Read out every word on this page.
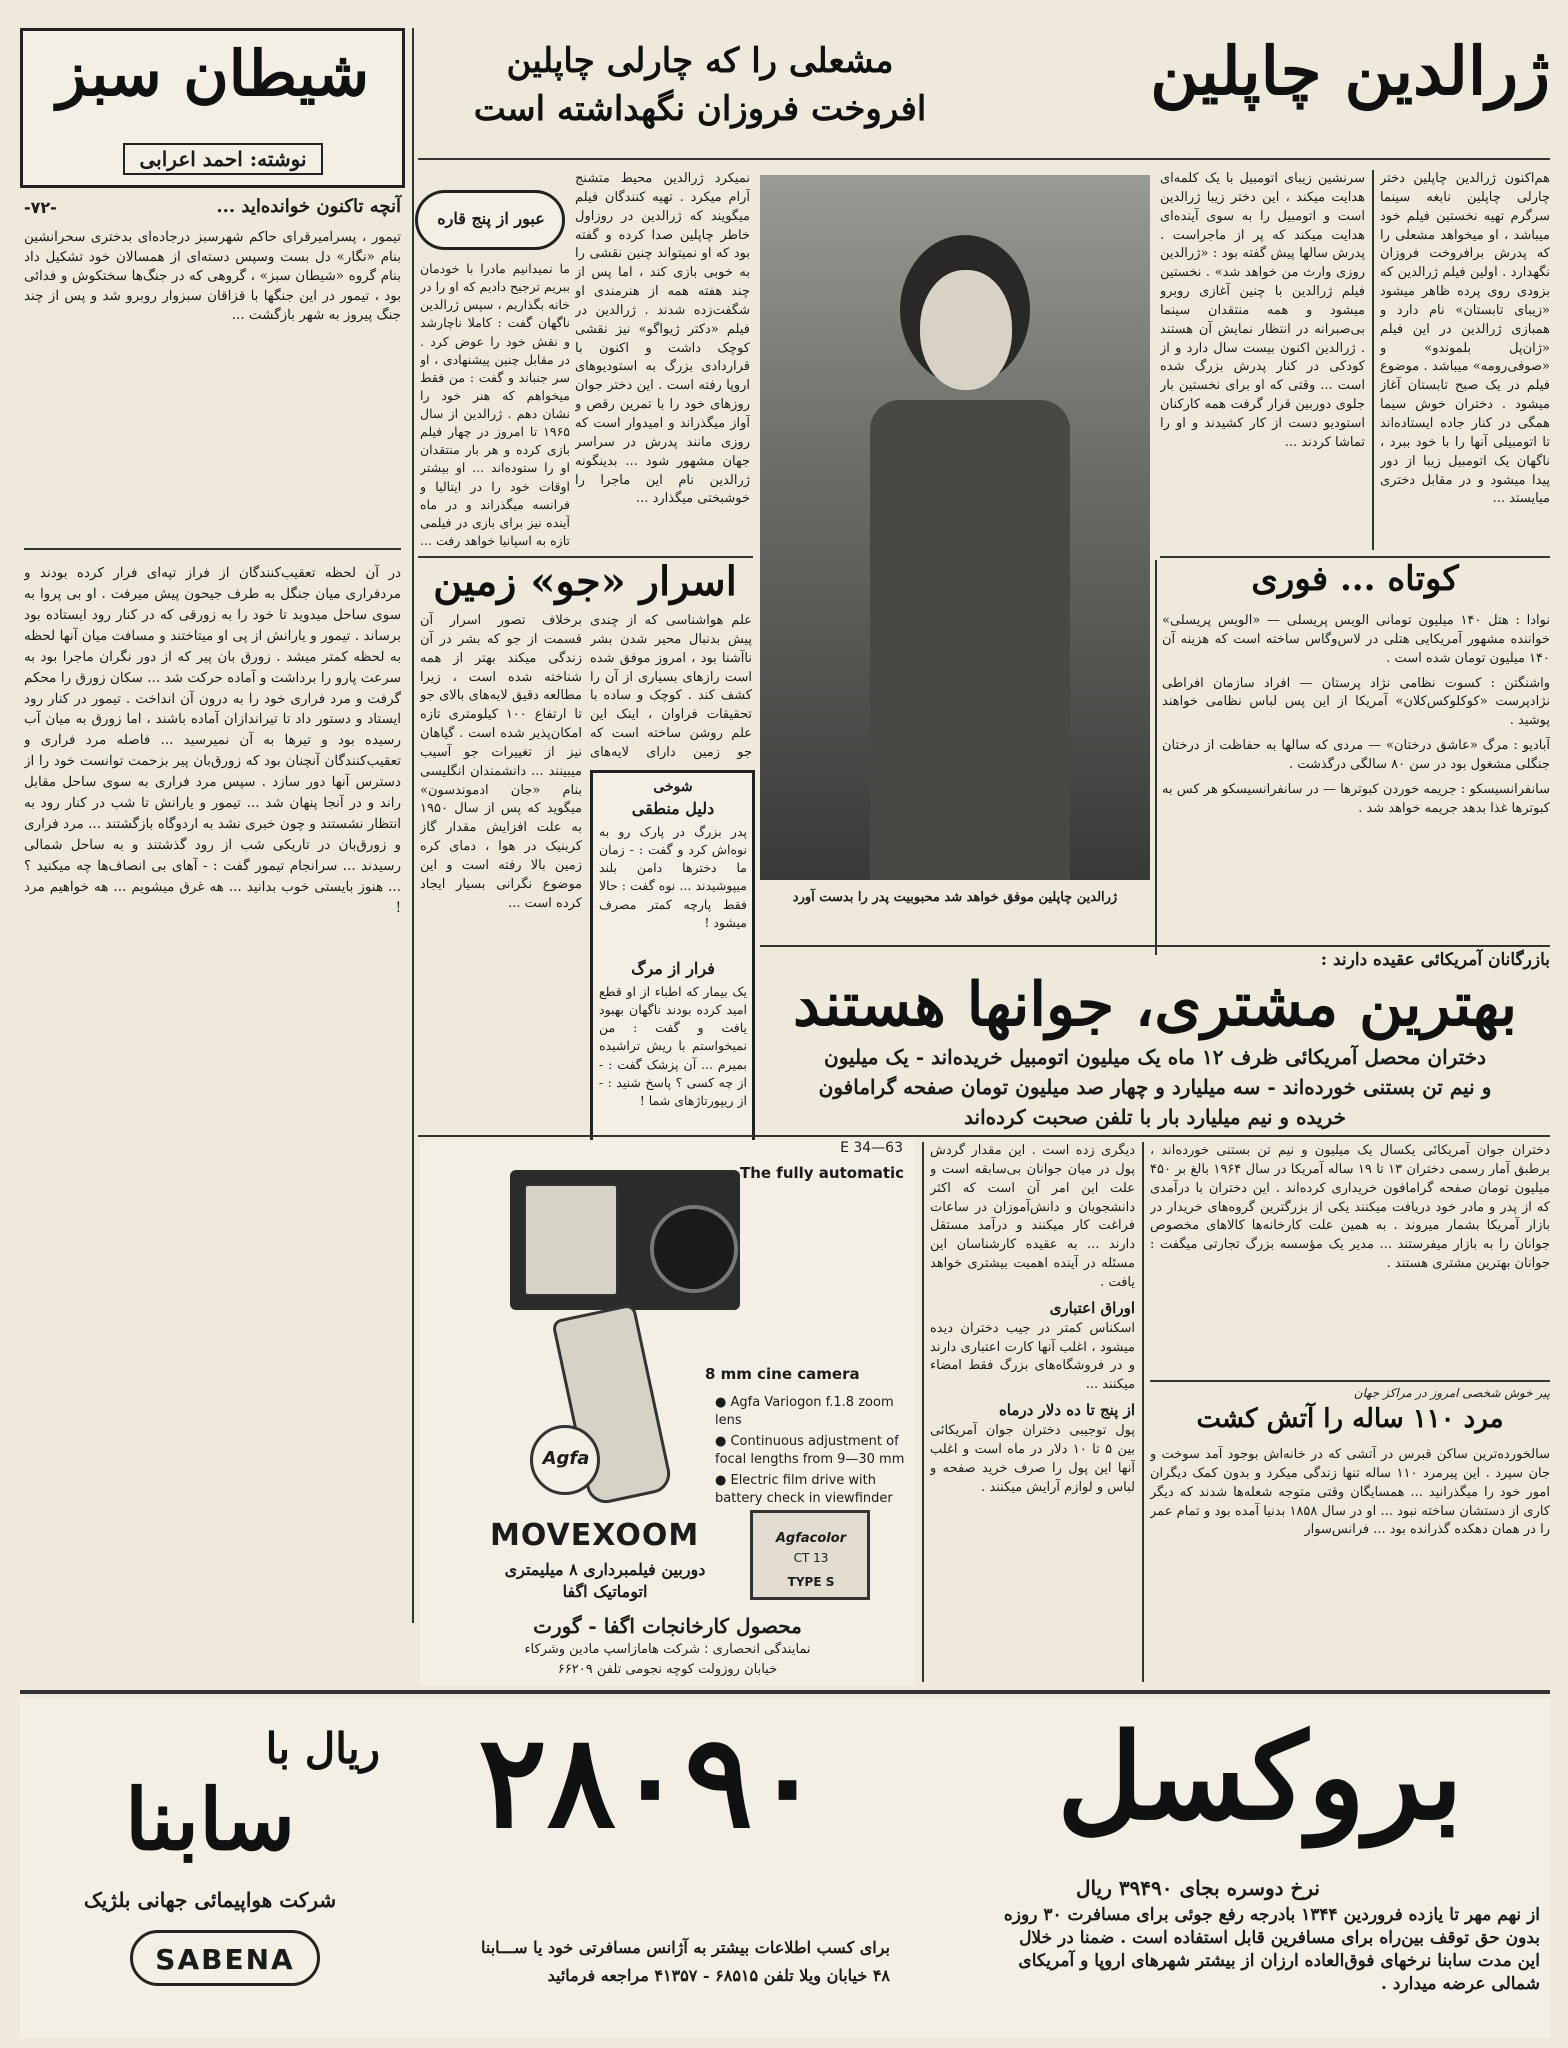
ژرالدین چاپلین
مشعلی را که چارلی چاپلین
افروخت فروزان نگهداشته است
شیطان سبز
نوشته: احمد اعرابی
-۷۲-	آنچه تاکنون خوانده‌اید ...

تیمور ، پسرامیرقرای حاکم شهرسبز درجاده‌ای بدختری سحرانشین بنام «نگار» دل بست وسپس دسته‌ای از همسالان خود تشکیل داد بنام گروه «شیطان سبز» ، گروهی که در جنگ‌ها سختکوش و فدائی بود ، تیمور در این جنگها با قزاقان سبزوار روبرو شد و پس از چند جنگ پیروز به شهر بازگشت ...

در آن لحظه تعقیب‌کنندگان از فراز تپه‌ای فرار کرده بودند و مردفراری میان جنگل به طرف جیحون پیش میرفت . او بی پروا به سوی ساحل میدوید تا خود را به زورقی که در کنار رود ایستاده بود برساند . تیمور و یارانش از پی او میتاختند و مسافت میان آنها لحظه به لحظه کمتر میشد . زورق بان پیر که از دور نگران ماجرا بود به سرعت پارو را برداشت و آماده حرکت شد ... سکان زورق را محکم گرفت و مرد فراری خود را به درون آن انداخت . تیمور در کنار رود ایستاد و دستور داد تا تیراندازان آماده باشند ، اما زورق به میان آب رسیده بود و تیرها به آن نمیرسید ... فاصله مرد فراری و تعقیب‌کنندگان آنچنان بود که زورق‌بان پیر بزحمت توانست خود را از دسترس آنها دور سازد . سپس مرد فراری به سوی ساحل مقابل راند و در آنجا پنهان شد ... تیمور و یارانش تا شب در کنار رود به انتظار نشستند و چون خبری نشد به اردوگاه بازگشتند ... مرد فراری و زورق‌بان در تاریکی شب از رود گذشتند و به ساحل شمالی رسیدند ... سرانجام تیمور گفت : - آهای بی انصاف‌ها چه میکنید ؟ ... هنوز بایستی خوب بدانید ... هه غرق میشویم ... هه خواهیم مرد !

هم‌اکنون ژرالدین چاپلین دختر چارلی چاپلین نابغه سینما سرگرم تهیه نخستین فیلم خود میباشد ، او میخواهد مشعلی را که پدرش برافروخت فروزان نگهدارد . اولین فیلم ژرالدین که بزودی روی پرده ظاهر میشود «زیبای تابستان» نام دارد و همبازی ژرالدین در این فیلم «ژان‌پل بلموندو» و «صوفی‌رومه» میباشد . موضوع فیلم در یک صبح تابستان آغاز میشود . دختران خوش سیما همگی در کنار جاده ایستاده‌اند تا اتومبیلی آنها را با خود ببرد ، ناگهان یک اتومبیل زیبا از دور پیدا میشود و در مقابل دختری میایستد ...

سرنشین زیبای اتومبیل با یک کلمه‌ای هدایت میکند ، این دختر زیبا ژرالدین است و اتومبیل را به سوی آینده‌ای هدایت میکند که پر از ماجراست . پدرش سالها پیش گفته بود : «ژرالدین روزی وارث من خواهد شد» . نخستین فیلم ژرالدین با چنین آغازی روبرو میشود و همه منتقدان سینما بی‌صبرانه در انتظار نمایش آن هستند . ژرالدین اکنون بیست سال دارد و از کودکی در کنار پدرش بزرگ شده است ... وقتی که او برای نخستین بار جلوی دوربین قرار گرفت همه کارکنان استودیو دست از کار کشیدند و او را تماشا کردند ...

ژرالدین چاپلین موفق خواهد شد محبوبیت پدر را بدست آورد
عبور از پنج قاره

نمیکرد ژرالدین محیط متشنج آرام میکرد . تهیه کنندگان فیلم میگویند که ژرالدین در روزاول خاطر چاپلین صدا کرده و گفته بود که او نمیتواند چنین نقشی را به خوبی بازی کند ، اما پس از چند هفته همه از هنرمندی او شگفت‌زده شدند . ژرالدین در فیلم «دکتر ژیواگو» نیز نقشی کوچک داشت و اکنون با قراردادی بزرگ به استودیوهای اروپا رفته است . این دختر جوان روزهای خود را با تمرین رقص و آواز میگذراند و امیدوار است که روزی مانند پدرش در سراسر جهان مشهور شود ... بدینگونه ژرالدین نام این ماجرا را خوشبختی میگذارد ...

ما نمیدانیم مادرا با خودمان ببریم ترجیح دادیم که او را در خانه بگذاریم ، سپس ژرالدین ناگهان گفت : کاملا ناچارشد و نقش خود را عوض کرد . در مقابل چنین پیشنهادی ، او سر جنباند و گفت : من فقط میخواهم که هنر خود را نشان دهم . ژرالدین از سال ۱۹۶۵ تا امروز در چهار فیلم بازی کرده و هر بار منتقدان او را ستوده‌اند ... او بیشتر اوقات خود را در ایتالیا و فرانسه میگذراند و در ماه آینده نیز برای بازی در فیلمی تازه به اسپانیا خواهد رفت ...

اسرار «جو» زمین

علم هواشناسی که از چندی پیش بدنبال محیر شدن بشر ناآشنا بود ، امروز موفق شده است رازهای بسیاری از آن را کشف کند . کوچک و ساده با تحقیقات فراوان ، اینک این علم روشن ساخته است که جو زمین دارای لایه‌های

برخلاف تصور اسرار آن قسمت از جو که بشر در آن زندگی میکند بهتر از همه شناخته شده است ، زیرا مطالعه دقیق لایه‌های بالای جو تا ارتفاع ۱۰۰ کیلومتری تازه امکان‌پذیر شده است . گیاهان نیز از تغییرات جو آسیب میبینند ... دانشمندان انگلیسی بنام «جان ادموندسون» میگوید که پس از سال ۱۹۵۰ به علت افزایش مقدار گاز کربنیک در هوا ، دمای کره زمین بالا رفته است و این موضوع نگرانی بسیار ایجاد کرده است ...

شوخی
دلیل منطقی

پدر بزرگ در پارک رو به نوه‌اش کرد و گفت : - زمان ما دخترها دامن بلند میپوشیدند ... نوه گفت : حالا فقط پارچه کمتر مصرف میشود !

فرار از مرگ

یک بیمار که اطباء از او قطع امید کرده بودند ناگهان بهبود یافت و گفت : من نمیخواستم با ریش تراشیده بمیرم ... آن پزشک گفت : - از چه کسی ؟ پاسخ شنید : - از ریپورتاژهای شما !

کوتاه ... فوری
نوادا : هتل ۱۴۰ میلیون تومانی الویس پریسلی — «الویس پریسلی» خواننده مشهور آمریکایی هتلی در لاس‌وگاس ساخته است که هزینه آن ۱۴۰ میلیون تومان شده است .
واشنگتن : کسوت نظامی نژاد پرستان — افراد سازمان افراطی نژادپرست «کوکلوکس‌کلان» آمریکا از این پس لباس نظامی خواهند پوشید .
آبادیو : مرگ «عاشق درختان» — مردی که سالها به حفاظت از درختان جنگلی مشغول بود در سن ۸۰ سالگی درگذشت .
سانفرانسیسکو : جریمه خوردن کبوترها — در سانفرانسیسکو هر کس به کبوترها غذا بدهد جریمه خواهد شد .
بازرگانان آمریکائی عقیده دارند :
بهترین مشتری، جوانها هستند
دختران محصل آمریکائی ظرف ۱۲ ماه یک میلیون اتومبیل خریده‌اند - یک میلیون
و نیم تن بستنی خورده‌اند - سه میلیارد و چهار صد میلیون تومان صفحه گرامافون
خریده و نیم میلیارد بار با تلفن صحبت کرده‌اند

دختران جوان آمریکائی یکسال یک میلیون و نیم تن بستنی خورده‌اند ، برطبق آمار رسمی دختران ۱۳ تا ۱۹ ساله آمریکا در سال ۱۹۶۴ بالغ بر ۴۵۰ میلیون تومان صفحه گرامافون خریداری کرده‌اند . این دختران با درآمدی که از پدر و مادر خود دریافت میکنند یکی از بزرگترین گروه‌های خریدار در بازار آمریکا بشمار میروند . به همین علت کارخانه‌ها کالاهای مخصوص جوانان را به بازار میفرستند ... مدیر یک مؤسسه بزرگ تجارتی میگفت : جوانان بهترین مشتری هستند .

دیگری زده است . این مقدار گردش پول در میان جوانان بی‌سابقه است و علت این امر آن است که اکثر دانشجویان و دانش‌آموزان در ساعات فراغت کار میکنند و درآمد مستقل دارند ... به عقیده کارشناسان این مسئله در آینده اهمیت بیشتری خواهد یافت .
اوراق اعتباری
اسکناس کمتر در جیب دختران دیده میشود ، اغلب آنها کارت اعتباری دارند و در فروشگاه‌های بزرگ فقط امضاء میکنند ...
از پنج تا ده دلار درماه
پول توجیبی دختران جوان آمریکائی بین ۵ تا ۱۰ دلار در ماه است و اغلب آنها این پول را صرف خرید صفحه و لباس و لوازم آرایش میکنند .
پیر خوش شخصی امروز در مراکز جهان
مرد ۱۱۰ ساله را آتش کشت

سالخورده‌ترین ساکن قبرس در آتشی که در خانه‌اش بوجود آمد سوخت و جان سپرد . این پیرمرد ۱۱۰ ساله تنها زندگی میکرد و بدون کمک دیگران امور خود را میگذرانید ... همسایگان وقتی متوجه شعله‌ها شدند که دیگر کاری از دستشان ساخته نبود ... او در سال ۱۸۵۸ بدنیا آمده بود و تمام عمر را در همان دهکده گذرانده بود ... فرانس‌سوار

E 34—63
The fully automatic
Agfa
8 mm cine camera
● Agfa Variogon f.1.8 zoom lens
● Continuous adjustment of focal lengths from 9—30 mm
● Electric film drive with battery check in viewfinder
MOVEXOOM	Agfacolor
CT 13
TYPE S
دوربین فیلمبرداری ۸ میلیمتری
اتوماتیک اگفا
محصول کارخانجات اگفا - گورت
نمایندگی انحصاری : شرکت هامازاسپ مادین وشرکاء
خیابان روزولت کوچه نجومی تلفن ۶۶۲۰۹
بروکسل
۲۸۰۹۰
ریال با
سابنا
شرکت هواپیمائی جهانی بلژیک
SABENA
نرخ دوسره بجای ۳۹۴۹۰ ریال
از نهم مهر تا یازده فروردین ۱۳۴۴ بادرجه رفع جوئی برای مسافرت ۳۰ روزه
بدون حق توقف بین‌راه برای مسافرین قابل استفاده است . ضمنا در خلال
این مدت سابنا نرخهای فوق‌العاده ارزان از بیشتر شهرهای اروپا و آمریکای
شمالی عرضه میدارد .
برای کسب اطلاعات بیشتر به آژانس مسافرتی خود یا ســـابنا
۴۸ خیابان ویلا تلفن ۶۸۵۱۵ - ۴۱۳۵۷ مراجعه فرمائید
